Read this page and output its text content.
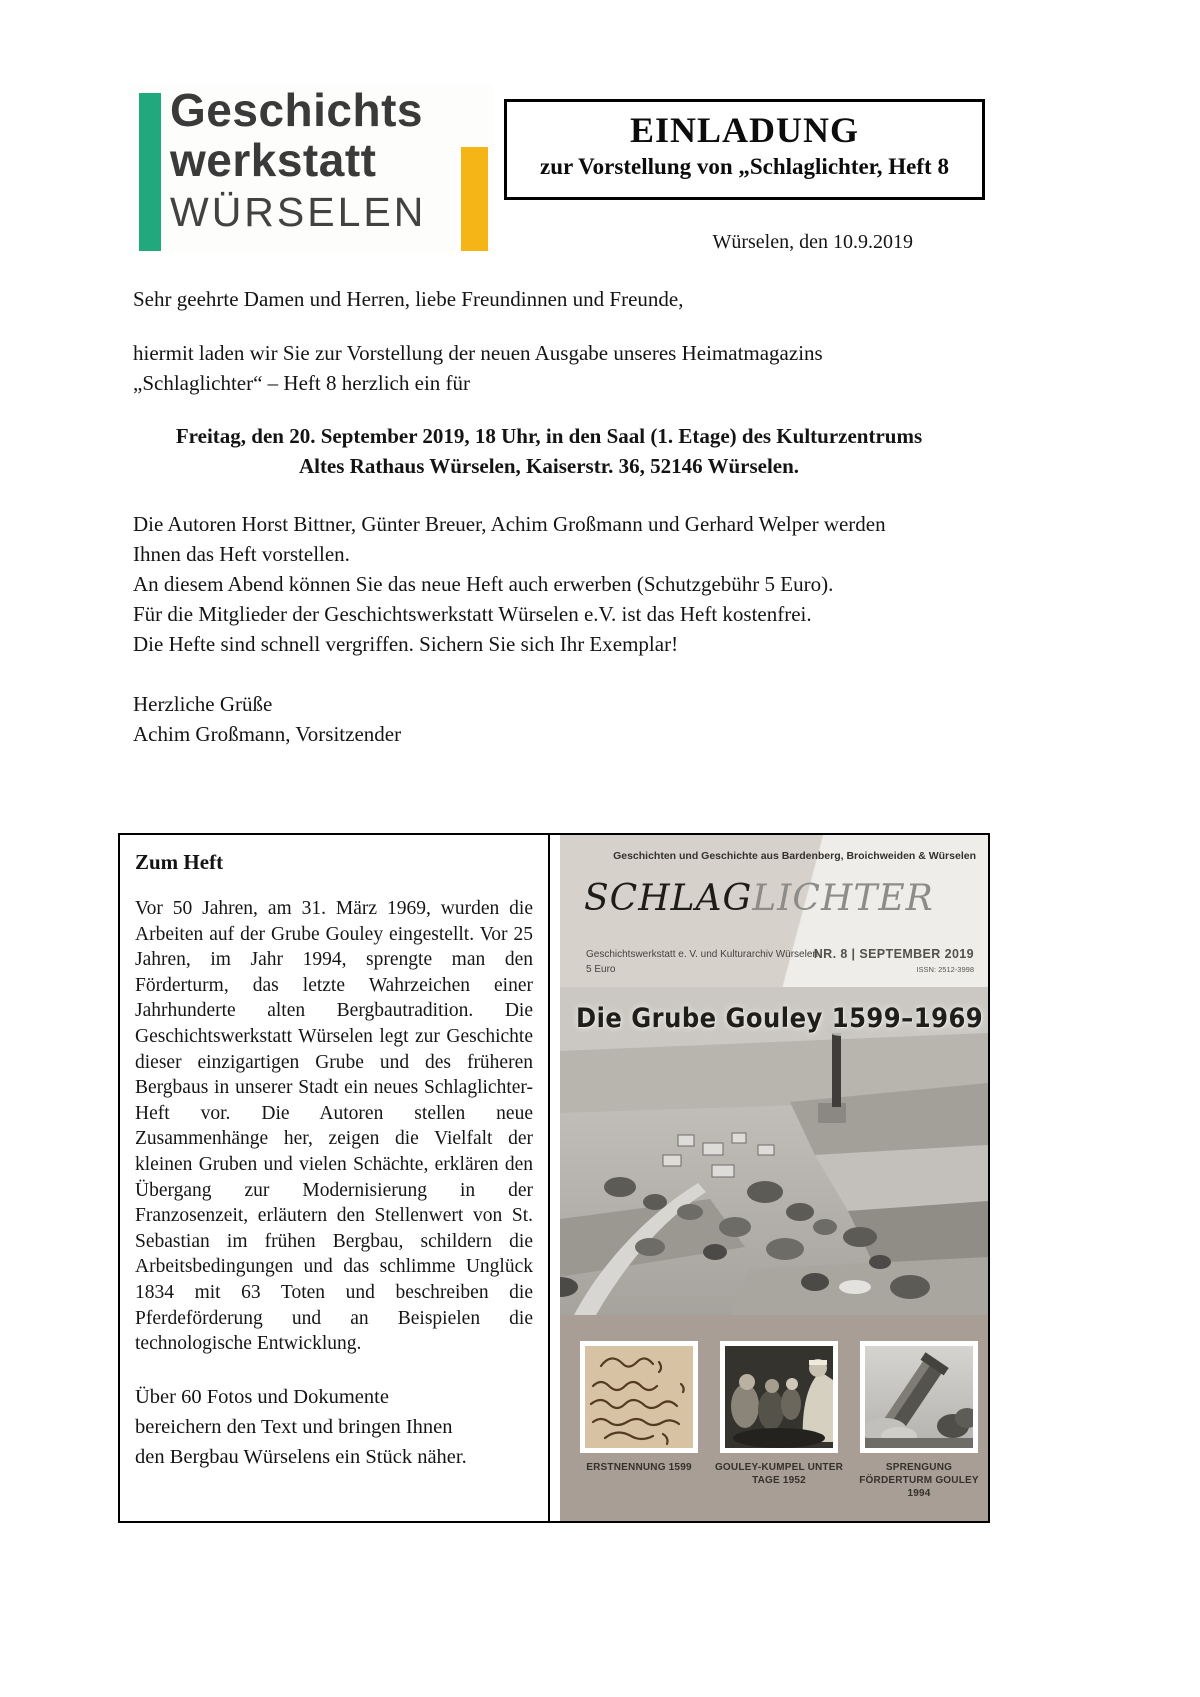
Geschichts
werkstatt
WÜRSELEN
EINLADUNG
zur Vorstellung von „Schlaglichter, Heft 8
Würselen, den 10.9.2019
Sehr geehrte Damen und Herren, liebe Freundinnen und Freunde,
hiermit laden wir Sie zur Vorstellung der neuen Ausgabe unseres Heimatmagazins
„Schlaglichter“ – Heft 8 herzlich ein für
Freitag, den 20. September 2019, 18 Uhr, in den Saal (1. Etage) des Kulturzentrums
Altes Rathaus Würselen, Kaiserstr. 36, 52146 Würselen.
Die Autoren Horst Bittner, Günter Breuer, Achim Großmann und Gerhard Welper werden
Ihnen das Heft vorstellen.
An diesem Abend können Sie das neue Heft auch erwerben (Schutzgebühr 5 Euro).
Für die Mitglieder der Geschichtswerkstatt Würselen e.V. ist das Heft kostenfrei.
Die Hefte sind schnell vergriffen. Sichern Sie sich Ihr Exemplar!
Herzliche Grüße
Achim Großmann, Vorsitzender
Zum Heft
Vor 50 Jahren, am 31. März 1969, wurden die Arbeiten auf der Grube Gouley eingestellt. Vor 25 Jahren, im Jahr 1994, sprengte man den Förderturm, das letzte Wahrzeichen einer Jahrhunderte alten Bergbautradition. Die Geschichtswerkstatt Würselen legt zur Geschichte dieser einzigartigen Grube und des früheren Bergbaus in unserer Stadt ein neues Schlaglichter-Heft vor. Die Autoren stellen neue Zusammenhänge her, zeigen die Vielfalt der kleinen Gruben und vielen Schächte, erklären den Übergang zur Modernisierung in der Franzosenzeit, erläutern den Stellenwert von St. Sebastian im frühen Bergbau, schildern die Arbeitsbedingungen und das schlimme Unglück 1834 mit 63 Toten und beschreiben die Pferdeförderung und an Beispielen die technologische Entwicklung.
Über 60 Fotos und Dokumente
bereichern den Text und bringen Ihnen
den Bergbau Würselens ein Stück näher.
Geschichten und Geschichte aus Bardenberg, Broichweiden & Würselen
schlaglichter
Geschichtswerkstatt e. V. und Kulturarchiv Würselen
5 Euro
NR. 8 | SEPTEMBER 2019
ISSN: 2512-3998
Die Grube Gouley 1599–1969
ERSTNENNUNG 1599	GOULEY-KUMPEL UNTER TAGE 1952
SPRENGUNG FÖRDERTURM GOULEY 1994
